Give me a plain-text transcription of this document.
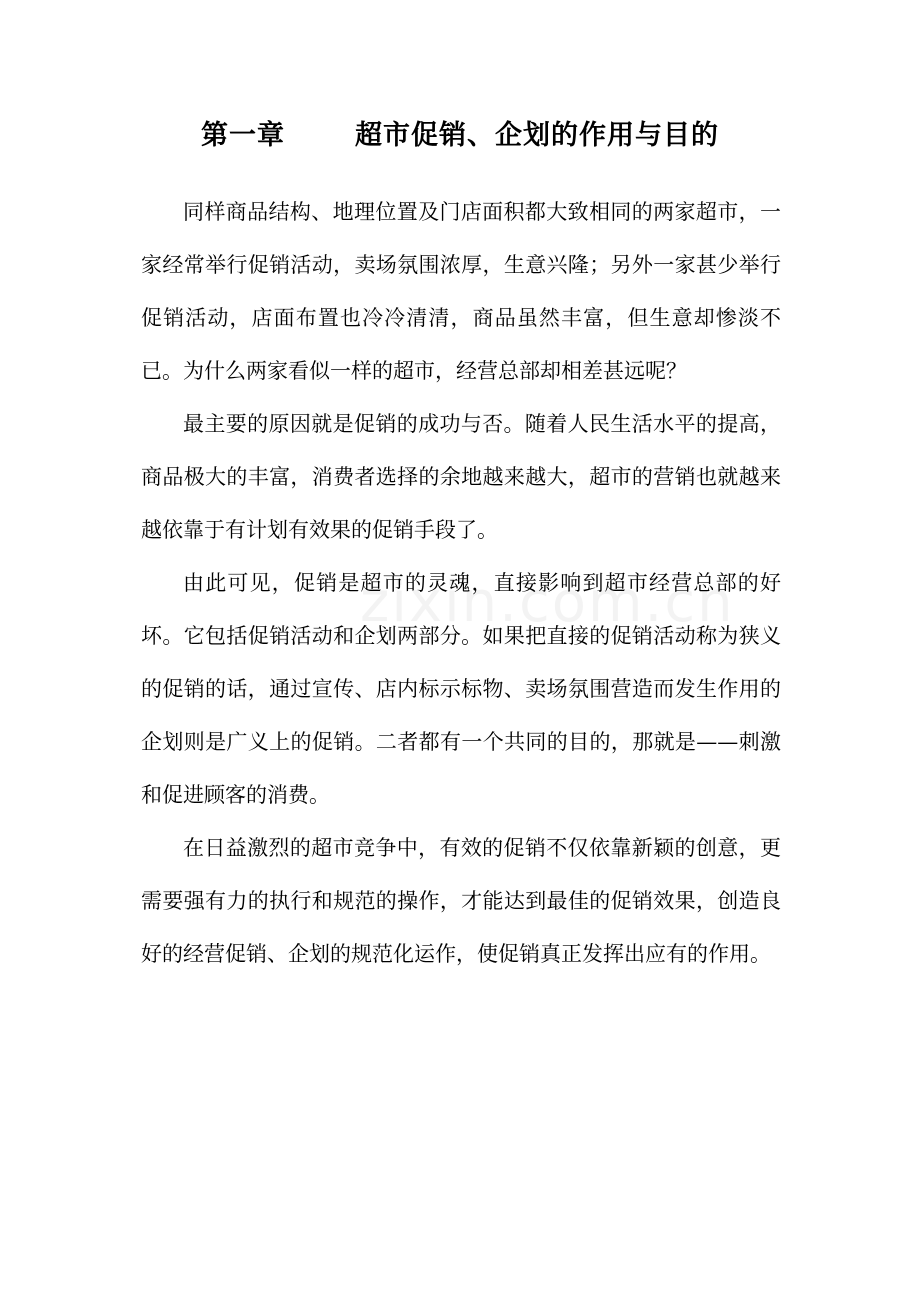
第一章	超市促销、企划的作用与目的

同样商品结构、地理位置及门店面积都大致相同的两家超市，一家经常举行促销活动，卖场氛围浓厚，生意兴隆；另外一家甚少举行促销活动，店面布置也冷冷清清，商品虽然丰富，但生意却惨淡不已。为什么两家看似一样的超市，经营总部却相差甚远呢？

最主要的原因就是促销的成功与否。随着人民生活水平的提高，商品极大的丰富，消费者选择的余地越来越大，超市的营销也就越来越依靠于有计划有效果的促销手段了。

由此可见，促销是超市的灵魂，直接影响到超市经营总部的好坏。它包括促销活动和企划两部分。如果把直接的促销活动称为狭义的促销的话，通过宣传、店内标示标物、卖场氛围营造而发生作用的企划则是广义上的促销。二者都有一个共同的目的，那就是——刺激和促进顾客的消费。

在日益激烈的超市竞争中，有效的促销不仅依靠新颖的创意，更需要强有力的执行和规范的操作，才能达到最佳的促销效果，创造良好的经营促销、企划的规范化运作，使促销真正发挥出应有的作用。
